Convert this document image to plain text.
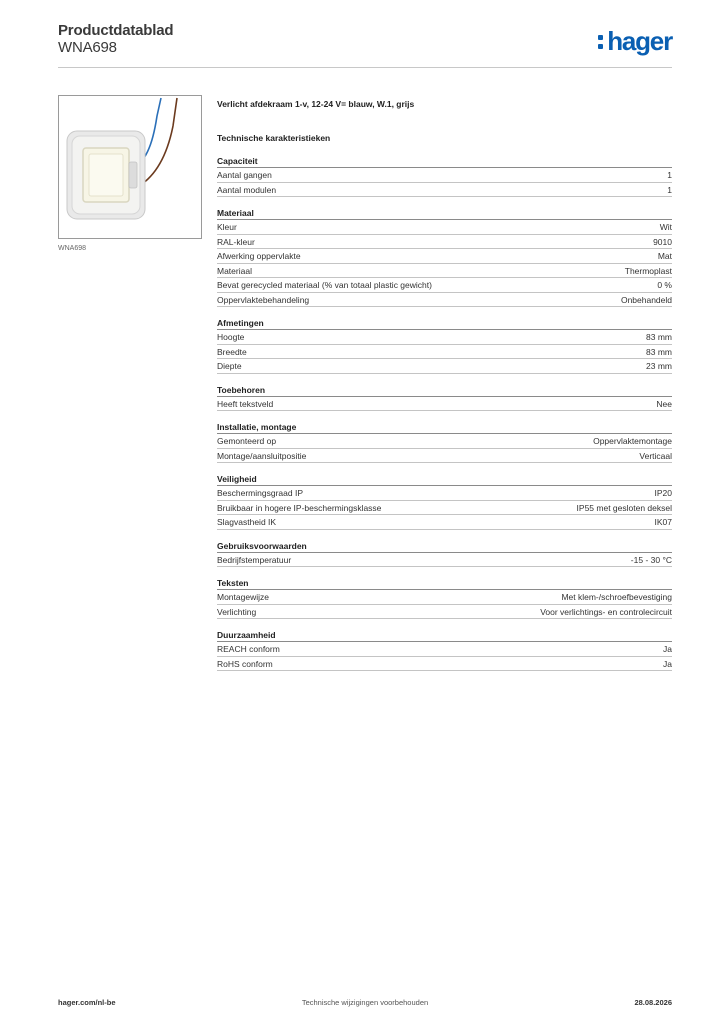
Productdatablad
WNA698	hager
WNA698
Verlicht afdekraam 1-v, 12-24 V= blauw, W.1, grijs
Technische karakteristieken
Capaciteit
Aantal gangen	1
Aantal modulen	1
Materiaal
Kleur	Wit
RAL-kleur	9010
Afwerking oppervlakte	Mat
Materiaal	Thermoplast
Bevat gerecycled materiaal (% van totaal plastic gewicht)	0 %
Oppervlaktebehandeling	Onbehandeld
Afmetingen
Hoogte	83 mm
Breedte	83 mm
Diepte	23 mm
Toebehoren
Heeft tekstveld	Nee
Installatie, montage
Gemonteerd op	Oppervlaktemontage
Montage/aansluitpositie	Verticaal
Veiligheid
Beschermingsgraad IP	IP20
Bruikbaar in hogere IP-beschermingsklasse	IP55 met gesloten deksel
Slagvastheid IK	IK07
Gebruiksvoorwaarden
Bedrijfstemperatuur	-15 - 30 °C
Teksten
Montagewijze	Met klem-/schroefbevestiging
Verlichting	Voor verlichtings- en controlecircuit
Duurzaamheid
REACH conform	Ja
RoHS conform	Ja
hager.com/nl-be	Technische wijzigingen voorbehouden	28.08.2026
